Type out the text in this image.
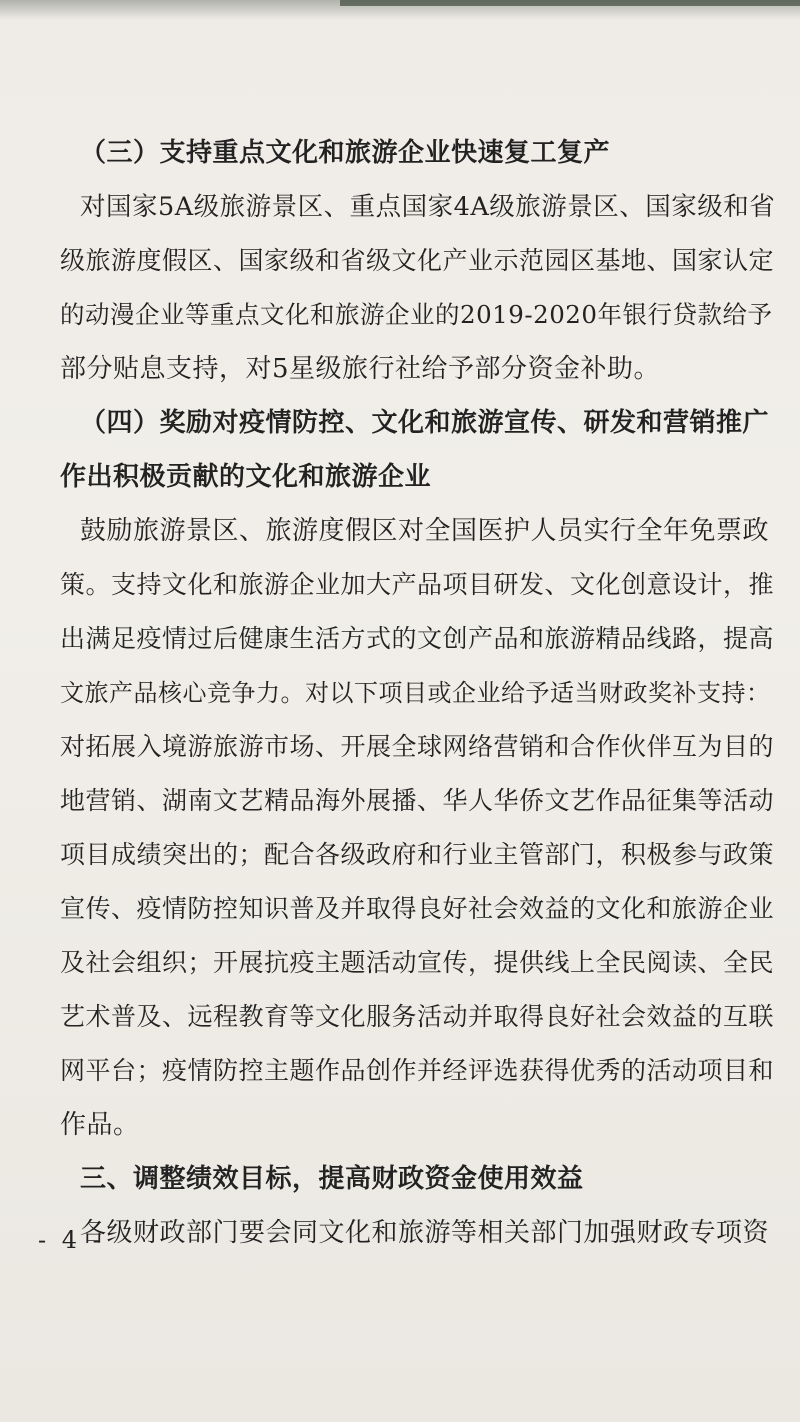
（三）支持重点文化和旅游企业快速复工复产
对国家5A级旅游景区、重点国家4A级旅游景区、国家级和省
级旅游度假区、国家级和省级文化产业示范园区基地、国家认定
的动漫企业等重点文化和旅游企业的2019-2020年银行贷款给予
部分贴息支持，对5星级旅行社给予部分资金补助。
（四）奖励对疫情防控、文化和旅游宣传、研发和营销推广
作出积极贡献的文化和旅游企业
鼓励旅游景区、旅游度假区对全国医护人员实行全年免票政
策。支持文化和旅游企业加大产品项目研发、文化创意设计，推
出满足疫情过后健康生活方式的文创产品和旅游精品线路，提高
文旅产品核心竞争力。对以下项目或企业给予适当财政奖补支持：
对拓展入境游旅游市场、开展全球网络营销和合作伙伴互为目的
地营销、湖南文艺精品海外展播、华人华侨文艺作品征集等活动
项目成绩突出的；配合各级政府和行业主管部门，积极参与政策
宣传、疫情防控知识普及并取得良好社会效益的文化和旅游企业
及社会组织；开展抗疫主题活动宣传，提供线上全民阅读、全民
艺术普及、远程教育等文化服务活动并取得良好社会效益的互联
网平台；疫情防控主题作品创作并经评选获得优秀的活动项目和
作品。
三、调整绩效目标，提高财政资金使用效益
各级财政部门要会同文化和旅游等相关部门加强财政专项资
- 4 -
